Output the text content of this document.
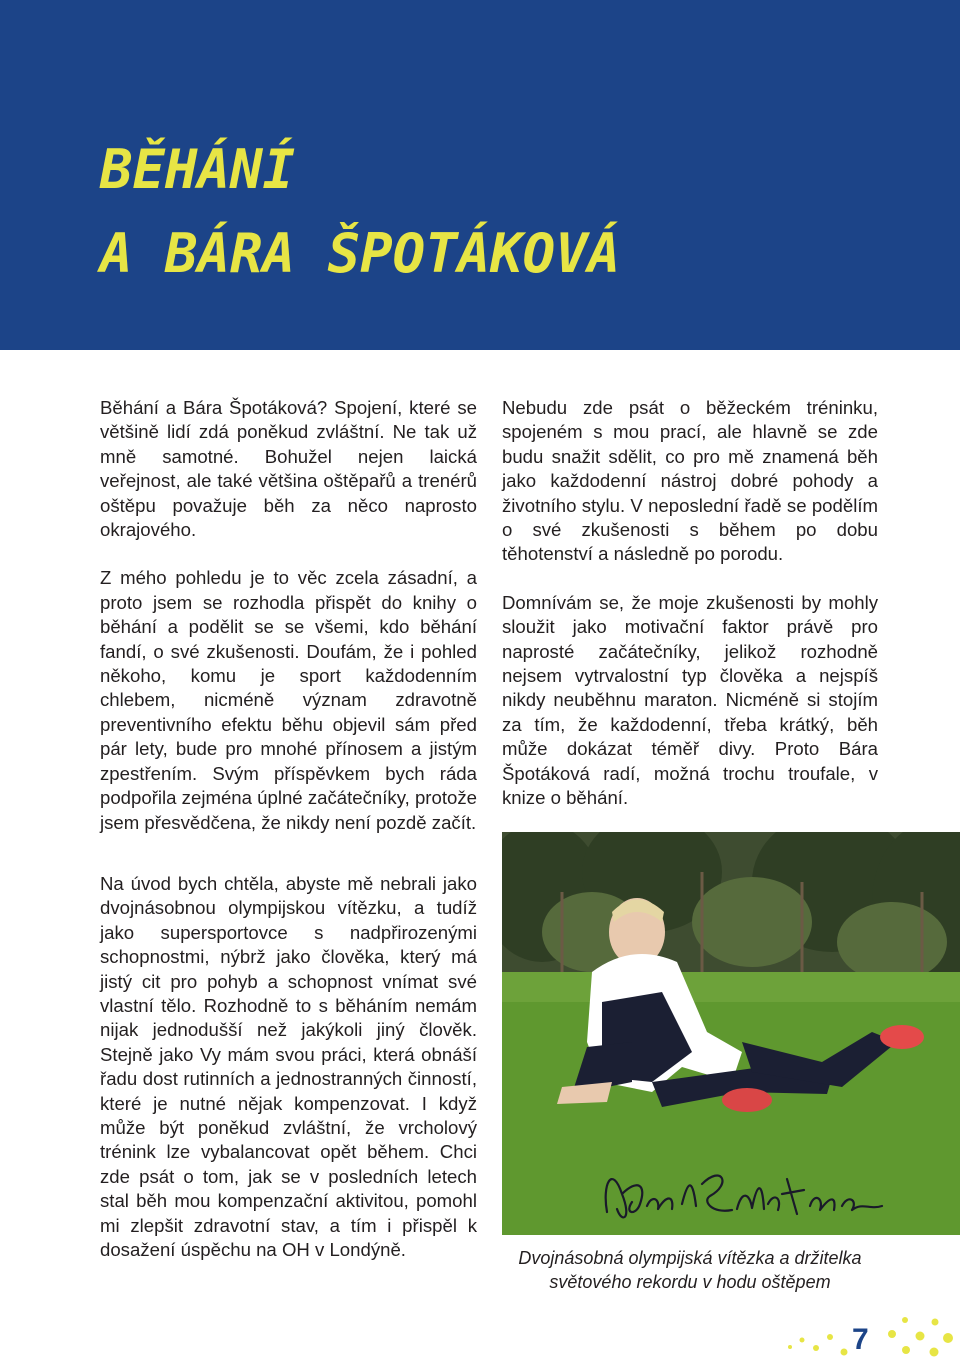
BĚHÁNÍ
A BÁRA ŠPOTÁKOVÁ

Běhání a Bára Špotáková? Spojení, které se většině lidí zdá poněkud zvláštní. Ne tak už mně samotné. Bohužel nejen laická veřejnost, ale také většina oštěpařů a trenérů oštěpu považuje běh za něco naprosto okrajového.

Z mého pohledu je to věc zcela zásadní, a proto jsem se rozhodla přispět do knihy o běhání a podělit se se všemi, kdo běhání fandí, o své zkušenosti. Doufám, že i pohled někoho, komu je sport každodenním chlebem, nicméně význam zdravotně preventivního efektu běhu objevil sám před pár lety, bude pro mnohé přínosem a jistým zpestřením. Svým příspěvkem bych ráda podpořila zejména úplné začátečníky, protože jsem přesvědčena, že nikdy není pozdě začít.

Na úvod bych chtěla, abyste mě nebrali jako dvojnásobnou olympijskou vítězku, a tudíž jako supersportovce s nadpřirozenými schopnostmi, nýbrž jako člověka, který má jistý cit pro pohyb a schopnost vnímat své vlastní tělo. Rozhodně to s běháním nemám nijak jednodušší než jakýkoli jiný člověk. Stejně jako Vy mám svou práci, která obnáší řadu dost rutinních a jednostranných činností, které je nutné nějak kompenzovat. I když může být poněkud zvláštní, že vrcholový trénink lze vybalancovat opět během. Chci zde psát o tom, jak se v posledních letech stal běh mou kompenzační aktivitou, pomohl mi zlepšit zdravotní stav, a tím i přispěl k dosažení úspěchu na OH v Londýně.

Nebudu zde psát o běžeckém tréninku, spojeném s mou prací, ale hlavně se zde budu snažit sdělit, co pro mě znamená běh jako každodenní nástroj dobré pohody a životního stylu. V neposlední řadě se podělím o své zkušenosti s během po dobu těhotenství a následně po porodu.

Domnívám se, že moje zkušenosti by mohly sloužit jako motivační faktor právě pro naprosté začátečníky, jelikož rozhodně nejsem vytrvalostní typ člověka a nejspíš nikdy neuběhnu maraton. Nicméně si stojím za tím, že každodenní, třeba krátký, běh může dokázat téměř divy. Proto Bára Špotáková radí, možná trochu troufale, v knize o běhání.

Dvojnásobná olympijská vítězka a držitelka světového rekordu v hodu oštěpem
7
